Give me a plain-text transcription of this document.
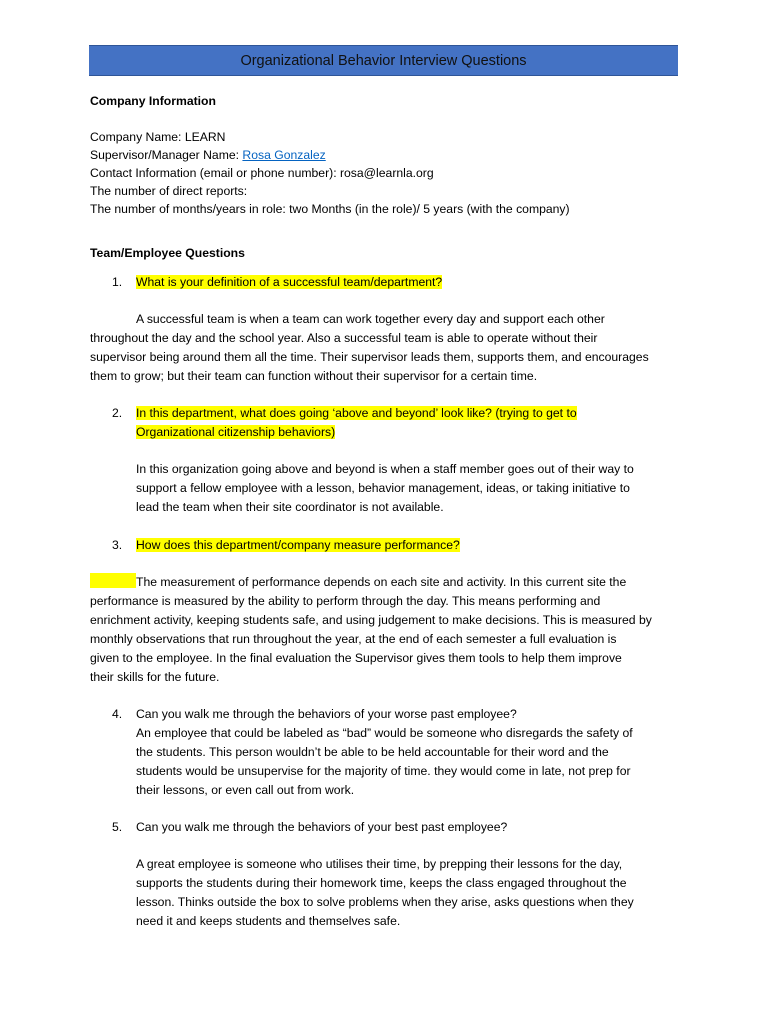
Organizational Behavior Interview Questions
Company Information
Company Name: LEARN
Supervisor/Manager Name: Rosa Gonzalez
Contact Information (email or phone number): rosa@learnla.org
The number of direct reports:
The number of months/years in role: two Months (in the role)/ 5 years (with the company)
Team/Employee Questions
1. What is your definition of a successful team/department?
A successful team is when a team can work together every day and support each other
throughout the day and the school year. Also a successful team is able to operate without their
supervisor being around them all the time. Their supervisor leads them, supports them, and encourages
them to grow; but their team can function without their supervisor for a certain time.
2. In this department, what does going ‘above and beyond’ look like? (trying to get to
Organizational citizenship behaviors)
In this organization going above and beyond is when a staff member goes out of their way to
support a fellow employee with a lesson, behavior management, ideas, or taking initiative to
lead the team when their site coordinator is not available.
3. How does this department/company measure performance?
The measurement of performance depends on each site and activity. In this current site the
performance is measured by the ability to perform through the day. This means performing and
enrichment activity, keeping students safe, and using judgement to make decisions. This is measured by
monthly observations that run throughout the year, at the end of each semester a full evaluation is
given to the employee. In the final evaluation the Supervisor gives them tools to help them improve
their skills for the future.
4. Can you walk me through the behaviors of your worse past employee?
An employee that could be labeled as “bad” would be someone who disregards the safety of
the students. This person wouldn’t be able to be held accountable for their word and the
students would be unsupervise for the majority of time. they would come in late, not prep for
their lessons, or even call out from work.
5. Can you walk me through the behaviors of your best past employee?
A great employee is someone who utilises their time, by prepping their lessons for the day,
supports the students during their homework time, keeps the class engaged throughout the
lesson. Thinks outside the box to solve problems when they arise, asks questions when they
need it and keeps students and themselves safe.
